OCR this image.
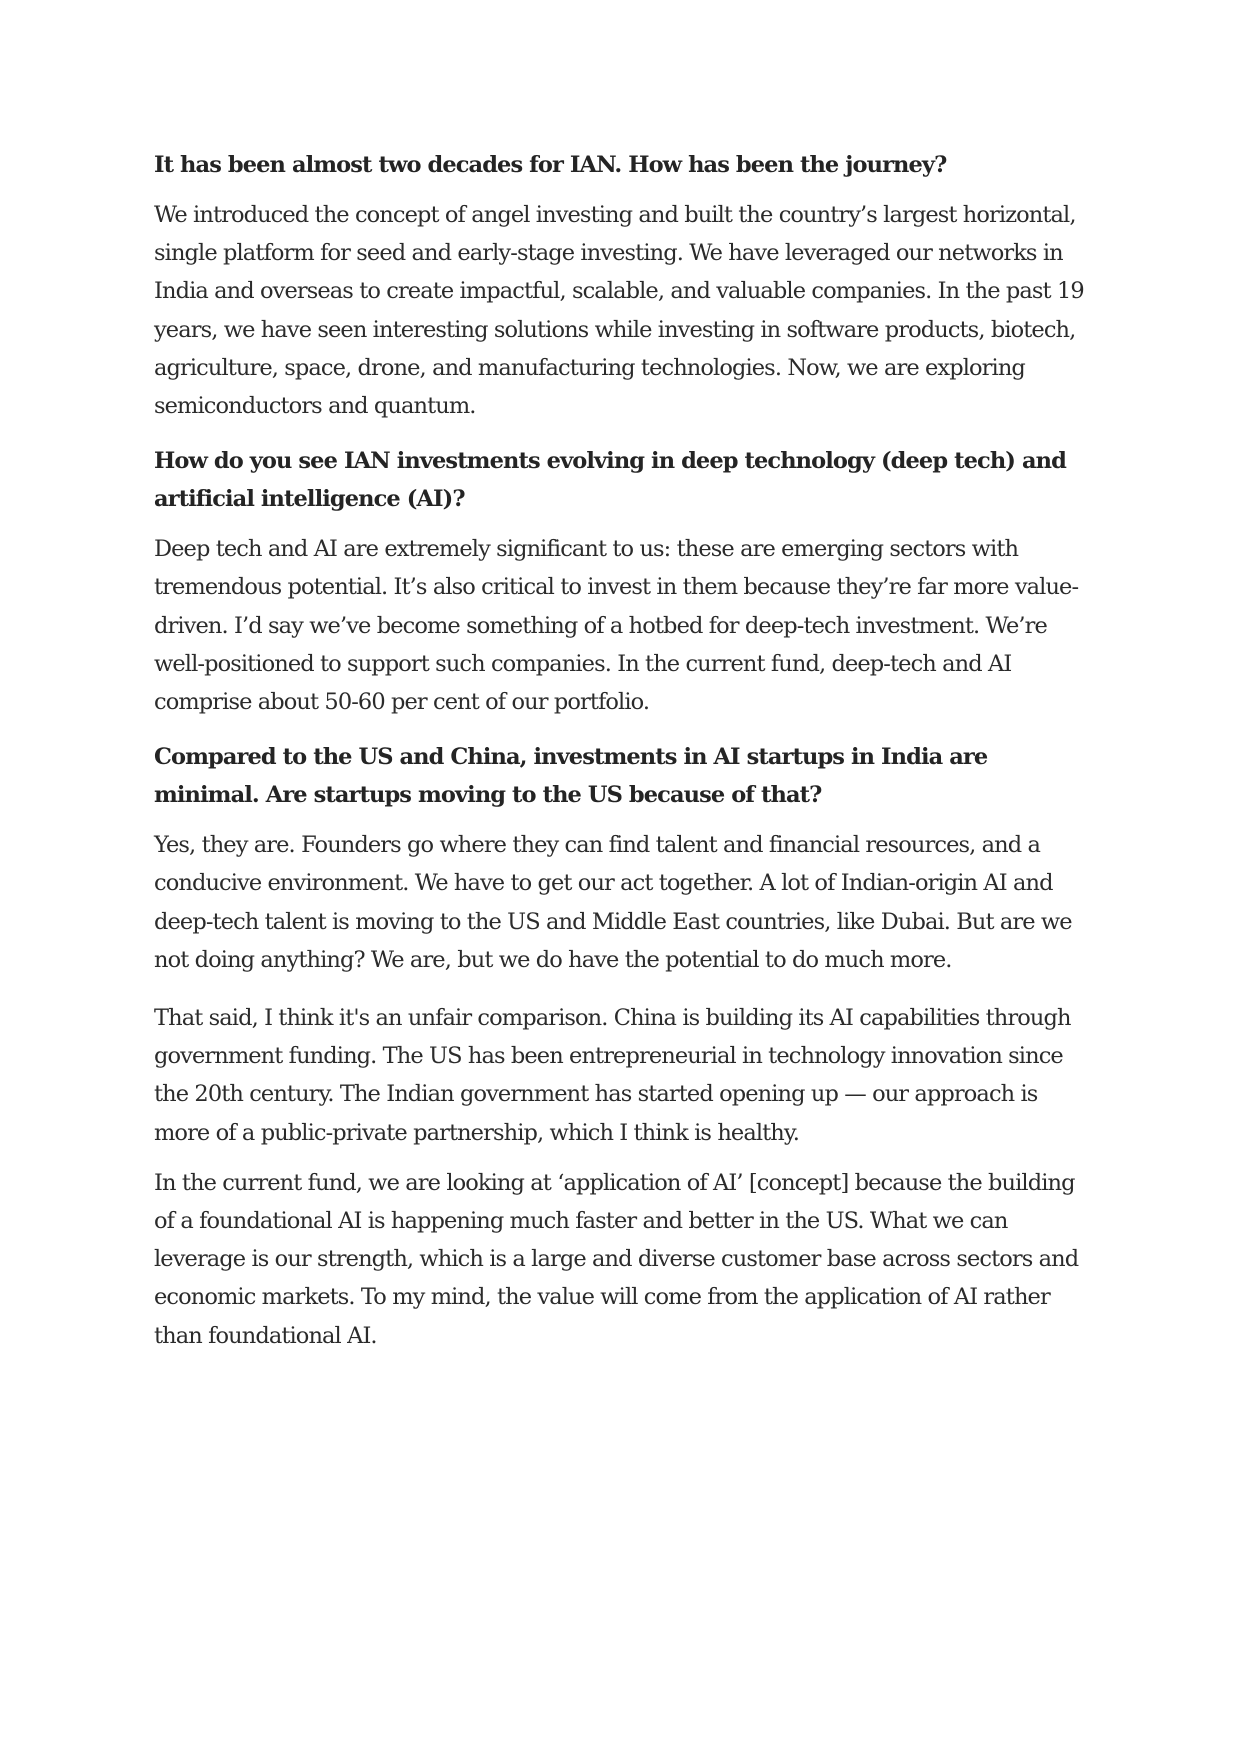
It has been almost two decades for IAN. How has been the journey?

We introduced the concept of angel investing and built the country’s largest horizontal, single platform for seed and early-stage investing. We have leveraged our networks in India and overseas to create impactful, scalable, and valuable companies. In the past 19 years, we have seen interesting solutions while investing in software products, biotech, agriculture, space, drone, and manufacturing technologies. Now, we are exploring semiconductors and quantum.

How do you see IAN investments evolving in deep technology (deep tech) and artificial intelligence (AI)?

Deep tech and AI are extremely significant to us: these are emerging sectors with tremendous potential. It’s also critical to invest in them because they’re far more value-driven. I’d say we’ve become something of a hotbed for deep-tech investment. We’re well-positioned to support such companies. In the current fund, deep-tech and AI comprise about 50-60 per cent of our portfolio.

Compared to the US and China, investments in AI startups in India are minimal. Are startups moving to the US because of that?

Yes, they are. Founders go where they can find talent and financial resources, and a conducive environment. We have to get our act together. A lot of Indian-origin AI and deep-tech talent is moving to the US and Middle East countries, like Dubai. But are we not doing anything? We are, but we do have the potential to do much more.

That said, I think it's an unfair comparison. China is building its AI capabilities through government funding. The US has been entrepreneurial in technology innovation since the 20th century. The Indian government has started opening up — our approach is more of a public-private partnership, which I think is healthy.

In the current fund, we are looking at ‘application of AI’ [concept] because the building of a foundational AI is happening much faster and better in the US. What we can leverage is our strength, which is a large and diverse customer base across sectors and economic markets. To my mind, the value will come from the application of AI rather than foundational AI.
